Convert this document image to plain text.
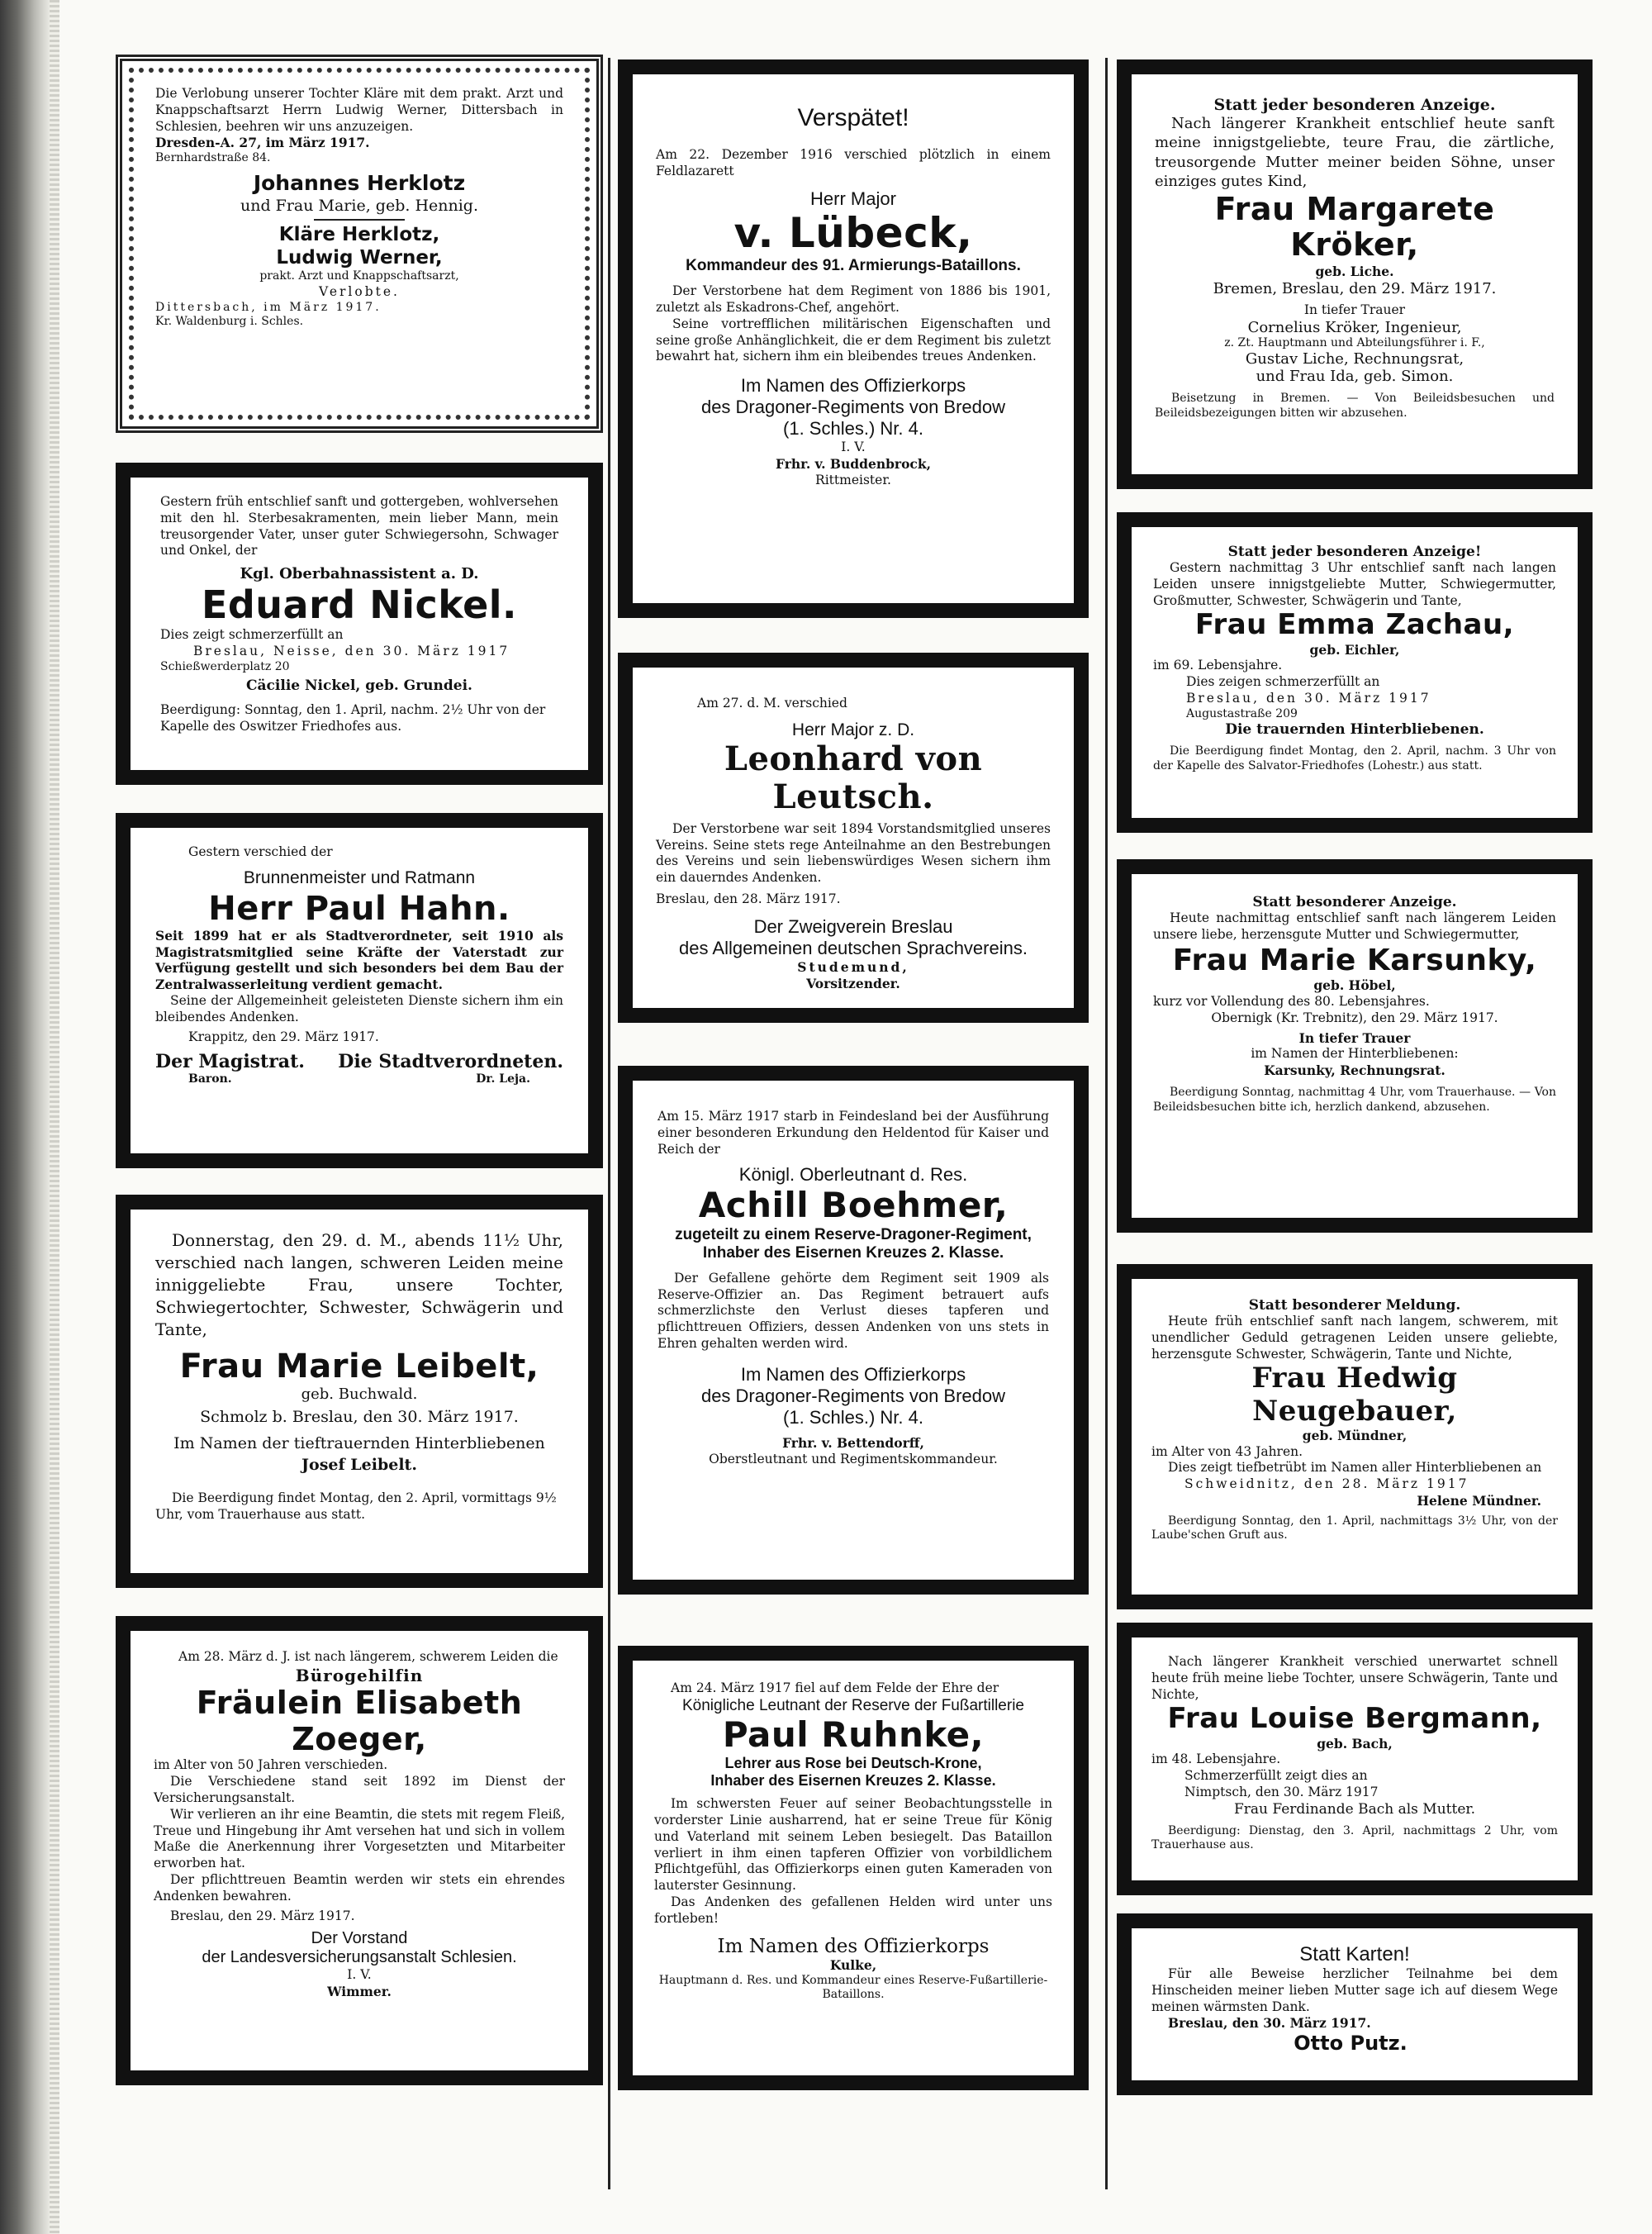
Die Verlobung unserer Tochter Kläre mit dem prakt. Arzt und Knappschaftsarzt Herrn Ludwig Werner, Dittersbach in Schlesien, beehren wir uns anzuzeigen.

Dresden-A. 27, im März 1917.

Bernhardstraße 84.

Johannes Herklotz

und Frau Marie, geb. Hennig.

Kläre Herklotz,

Ludwig Werner,

prakt. Arzt und Knappschaftsarzt,

Verlobte.

Dittersbach, im März 1917.

Kr. Waldenburg i. Schles.

Gestern früh entschlief sanft und gottergeben, wohlversehen mit den hl. Sterbesakramenten, mein lieber Mann, mein treusorgender Vater, unser guter Schwiegersohn, Schwager und Onkel, der

Kgl. Oberbahnassistent a. D.

Eduard Nickel.

Dies zeigt schmerzerfüllt an

Breslau, Neisse, den 30. März 1917

Schießwerderplatz 20

Cäcilie Nickel, geb. Grundei.

Beerdigung: Sonntag, den 1. April, nachm. 2½ Uhr von der Kapelle des Oswitzer Friedhofes aus.

Gestern verschied der

Brunnenmeister und Ratmann

Herr Paul Hahn.

Seit 1899 hat er als Stadtverordneter, seit 1910 als Magistratsmitglied seine Kräfte der Vaterstadt zur Verfügung gestellt und sich besonders bei dem Bau der Zentralwasserleitung verdient gemacht.

Seine der Allgemeinheit geleisteten Dienste sichern ihm ein bleibendes Andenken.

Krappitz, den 29. März 1917.

Der Magistrat. Die Stadtverordneten.

Baron.	Dr. Leja.

Donnerstag, den 29. d. M., abends 11½ Uhr, verschied nach langen, schweren Leiden meine inniggeliebte Frau, unsere Tochter, Schwiegertochter, Schwester, Schwägerin und Tante,

Frau Marie Leibelt,

geb. Buchwald.

Schmolz b. Breslau, den 30. März 1917.

Im Namen der tieftrauernden Hinterbliebenen

Josef Leibelt.

Die Beerdigung findet Montag, den 2. April, vormittags 9½ Uhr, vom Trauerhause aus statt.

Am 28. März d. J. ist nach längerem, schwerem Leiden die

Bürogehilfin

Fräulein Elisabeth Zoeger,

im Alter von 50 Jahren verschieden.

Die Verschiedene stand seit 1892 im Dienst der Versicherungsanstalt.

Wir verlieren an ihr eine Beamtin, die stets mit regem Fleiß, Treue und Hingebung ihr Amt versehen hat und sich in vollem Maße die Anerkennung ihrer Vorgesetzten und Mitarbeiter erworben hat.

Der pflichttreuen Beamtin werden wir stets ein ehrendes Andenken bewahren.

Breslau, den 29. März 1917.

Der Vorstand

der Landesversicherungsanstalt Schlesien.

I. V.

Wimmer.

Verspätet!

Am 22. Dezember 1916 verschied plötzlich in einem Feldlazarett

Herr Major

v. Lübeck,

Kommandeur des 91. Armierungs-Bataillons.

Der Verstorbene hat dem Regiment von 1886 bis 1901, zuletzt als Eskadrons-Chef, angehört.

Seine vortrefflichen militärischen Eigenschaften und seine große Anhänglichkeit, die er dem Regiment bis zuletzt bewahrt hat, sichern ihm ein bleibendes treues Andenken.

Im Namen des Offizierkorps

des Dragoner-Regiments von Bredow

(1. Schles.) Nr. 4.

I. V.

Frhr. v. Buddenbrock,

Rittmeister.

Am 27. d. M. verschied

Herr Major z. D.

Leonhard von Leutsch.

Der Verstorbene war seit 1894 Vorstandsmitglied unseres Vereins. Seine stets rege Anteilnahme an den Bestrebungen des Vereins und sein liebenswürdiges Wesen sichern ihm ein dauerndes Andenken.

Breslau, den 28. März 1917.

Der Zweigverein Breslau

des Allgemeinen deutschen Sprachvereins.

Studemund,

Vorsitzender.

Am 15. März 1917 starb in Feindesland bei der Ausführung einer besonderen Erkundung den Heldentod für Kaiser und Reich der

Königl. Oberleutnant d. Res.

Achill Boehmer,

zugeteilt zu einem Reserve-Dragoner-Regiment,

Inhaber des Eisernen Kreuzes 2. Klasse.

Der Gefallene gehörte dem Regiment seit 1909 als Reserve-Offizier an. Das Regiment betrauert aufs schmerzlichste den Verlust dieses tapferen und pflichttreuen Offiziers, dessen Andenken von uns stets in Ehren gehalten werden wird.

Im Namen des Offizierkorps

des Dragoner-Regiments von Bredow

(1. Schles.) Nr. 4.

Frhr. v. Bettendorff,

Oberstleutnant und Regimentskommandeur.

Am 24. März 1917 fiel auf dem Felde der Ehre der

Königliche Leutnant der Reserve der Fußartillerie

Paul Ruhnke,

Lehrer aus Rose bei Deutsch-Krone,

Inhaber des Eisernen Kreuzes 2. Klasse.

Im schwersten Feuer auf seiner Beobachtungsstelle in vorderster Linie ausharrend, hat er seine Treue für König und Vaterland mit seinem Leben besiegelt. Das Bataillon verliert in ihm einen tapferen Offizier von vorbildlichem Pflichtgefühl, das Offizierkorps einen guten Kameraden von lauterster Gesinnung.

Das Andenken des gefallenen Helden wird unter uns fortleben!

Im Namen des Offizierkorps

Kulke,

Hauptmann d. Res. und Kommandeur eines Reserve-Fußartillerie-Bataillons.

Statt jeder besonderen Anzeige.

Nach längerer Krankheit entschlief heute sanft meine innigstgeliebte, teure Frau, die zärtliche, treusorgende Mutter meiner beiden Söhne, unser einziges gutes Kind,

Frau Margarete Kröker,

geb. Liche.

Bremen, Breslau, den 29. März 1917.

In tiefer Trauer

Cornelius Kröker, Ingenieur,

z. Zt. Hauptmann und Abteilungsführer i. F.,

Gustav Liche, Rechnungsrat,

und Frau Ida, geb. Simon.

Beisetzung in Bremen. — Von Beileidsbesuchen und Beileidsbezeigungen bitten wir abzusehen.

Statt jeder besonderen Anzeige!

Gestern nachmittag 3 Uhr entschlief sanft nach langen Leiden unsere innigstgeliebte Mutter, Schwiegermutter, Großmutter, Schwester, Schwägerin und Tante,

Frau Emma Zachau,

geb. Eichler,

im 69. Lebensjahre.

Dies zeigen schmerzerfüllt an

Breslau, den 30. März 1917

Augustastraße 209

Die trauernden Hinterbliebenen.

Die Beerdigung findet Montag, den 2. April, nachm. 3 Uhr von der Kapelle des Salvator-Friedhofes (Lohestr.) aus statt.

Statt besonderer Anzeige.

Heute nachmittag entschlief sanft nach längerem Leiden unsere liebe, herzensgute Mutter und Schwiegermutter,

Frau Marie Karsunky,

geb. Höbel,

kurz vor Vollendung des 80. Lebensjahres.

Obernigk (Kr. Trebnitz), den 29. März 1917.

In tiefer Trauer

im Namen der Hinterbliebenen:

Karsunky, Rechnungsrat.

Beerdigung Sonntag, nachmittag 4 Uhr, vom Trauerhause. — Von Beileidsbesuchen bitte ich, herzlich dankend, abzusehen.

Statt besonderer Meldung.

Heute früh entschlief sanft nach langem, schwerem, mit unendlicher Geduld getragenen Leiden unsere geliebte, herzensgute Schwester, Schwägerin, Tante und Nichte,

Frau Hedwig Neugebauer,

geb. Mündner,

im Alter von 43 Jahren.

Dies zeigt tiefbetrübt im Namen aller Hinterbliebenen an

Schweidnitz, den 28. März 1917

Helene Mündner.

Beerdigung Sonntag, den 1. April, nachmittags 3½ Uhr, von der Laube'schen Gruft aus.

Nach längerer Krankheit verschied unerwartet schnell heute früh meine liebe Tochter, unsere Schwägerin, Tante und Nichte,

Frau Louise Bergmann,

geb. Bach,

im 48. Lebensjahre.

Schmerzerfüllt zeigt dies an

Nimptsch, den 30. März 1917

Frau Ferdinande Bach als Mutter.

Beerdigung: Dienstag, den 3. April, nachmittags 2 Uhr, vom Trauerhause aus.

Statt Karten!

Für alle Beweise herzlicher Teilnahme bei dem Hinscheiden meiner lieben Mutter sage ich auf diesem Wege meinen wärmsten Dank.

Breslau, den 30. März 1917.

Otto Putz.
